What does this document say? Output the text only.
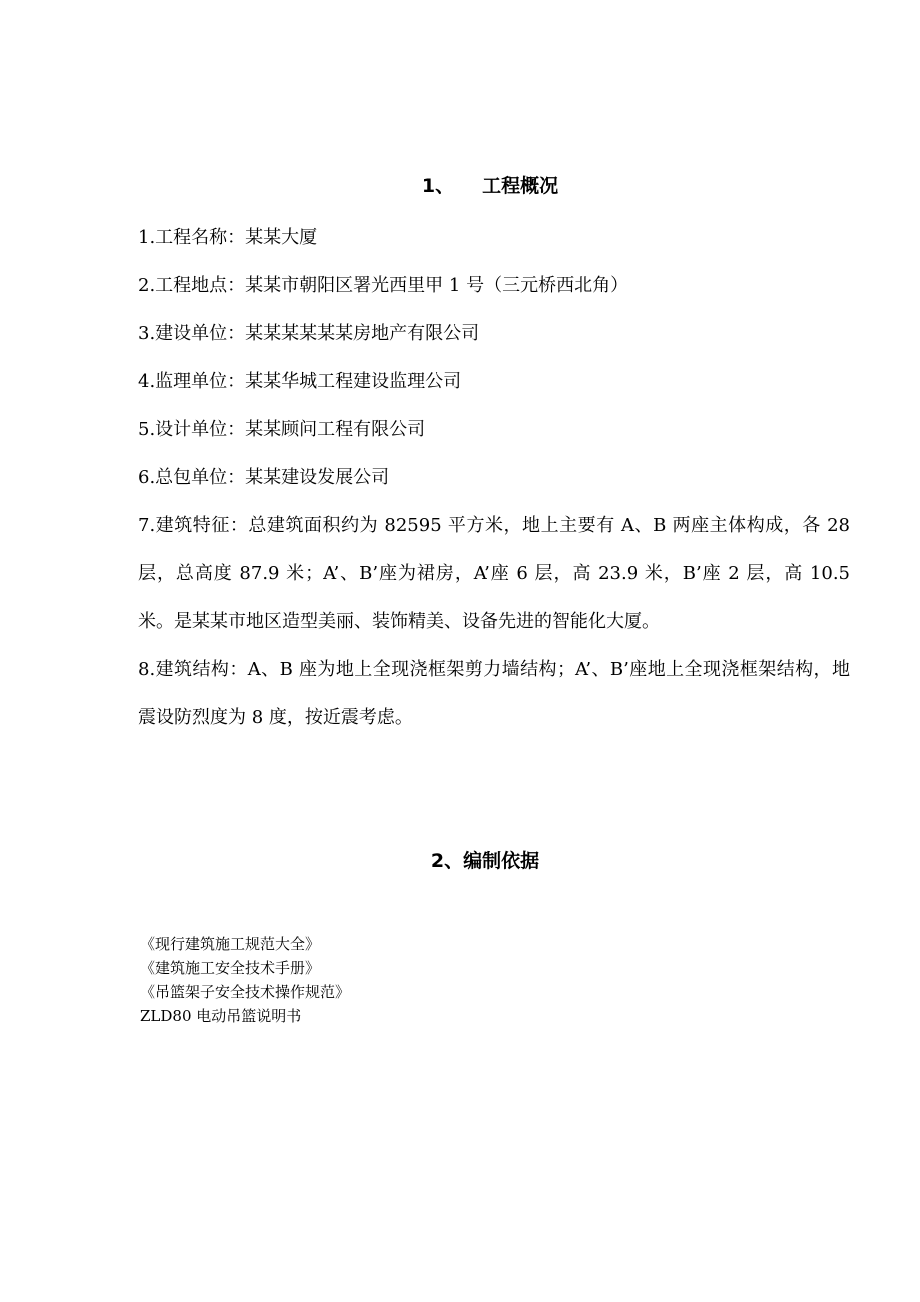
1、 工程概况

1.工程名称：某某大厦

2.工程地点：某某市朝阳区署光西里甲 1 号（三元桥西北角）

3.建设单位：某某某某某某房地产有限公司

4.监理单位：某某华城工程建设监理公司

5.设计单位：某某顾问工程有限公司

6.总包单位：某某建设发展公司

7.建筑特征：总建筑面积约为 82595 平方米，地上主要有 A、B 两座主体构成，各 28 层，总高度 87.9 米；A’、B’座为裙房，A’座 6 层，高 23.9 米，B’座 2 层，高 10.5 米。是某某市地区造型美丽、装饰精美、设备先进的智能化大厦。

8.建筑结构：A、B 座为地上全现浇框架剪力墙结构；A’、B’座地上全现浇框架结构，地震设防烈度为 8 度，按近震考虑。

2、编制依据
《现行建筑施工规范大全》
《建筑施工安全技术手册》
《吊篮架子安全技术操作规范》
ZLD80 电动吊篮说明书
